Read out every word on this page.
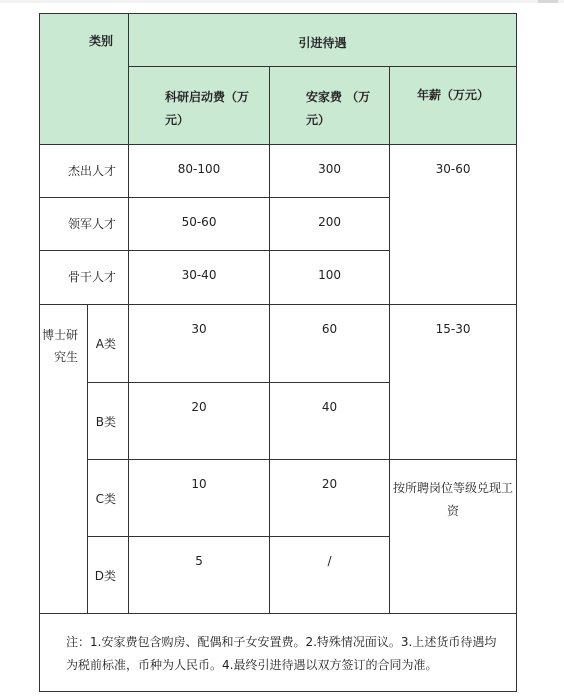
类别		引进待遇		
		科研启动费（万元）	安家费 （万元）	年薪（万元）
杰出人才		80-100	300	30-60
领军人才		50-60	200	
骨干人才		30-40	100	
博士研究生	A类	30	60	15-30
	B类	20	40	
	C类	10	20	按所聘岗位等级兑现工资
	D类	5	/	
注：1.安家费包含购房、配偶和子女安置费。2.特殊情况面议。3.上述货币待遇均为税前标准，币种为人民币。4.最终引进待遇以双方签订的合同为准。				
